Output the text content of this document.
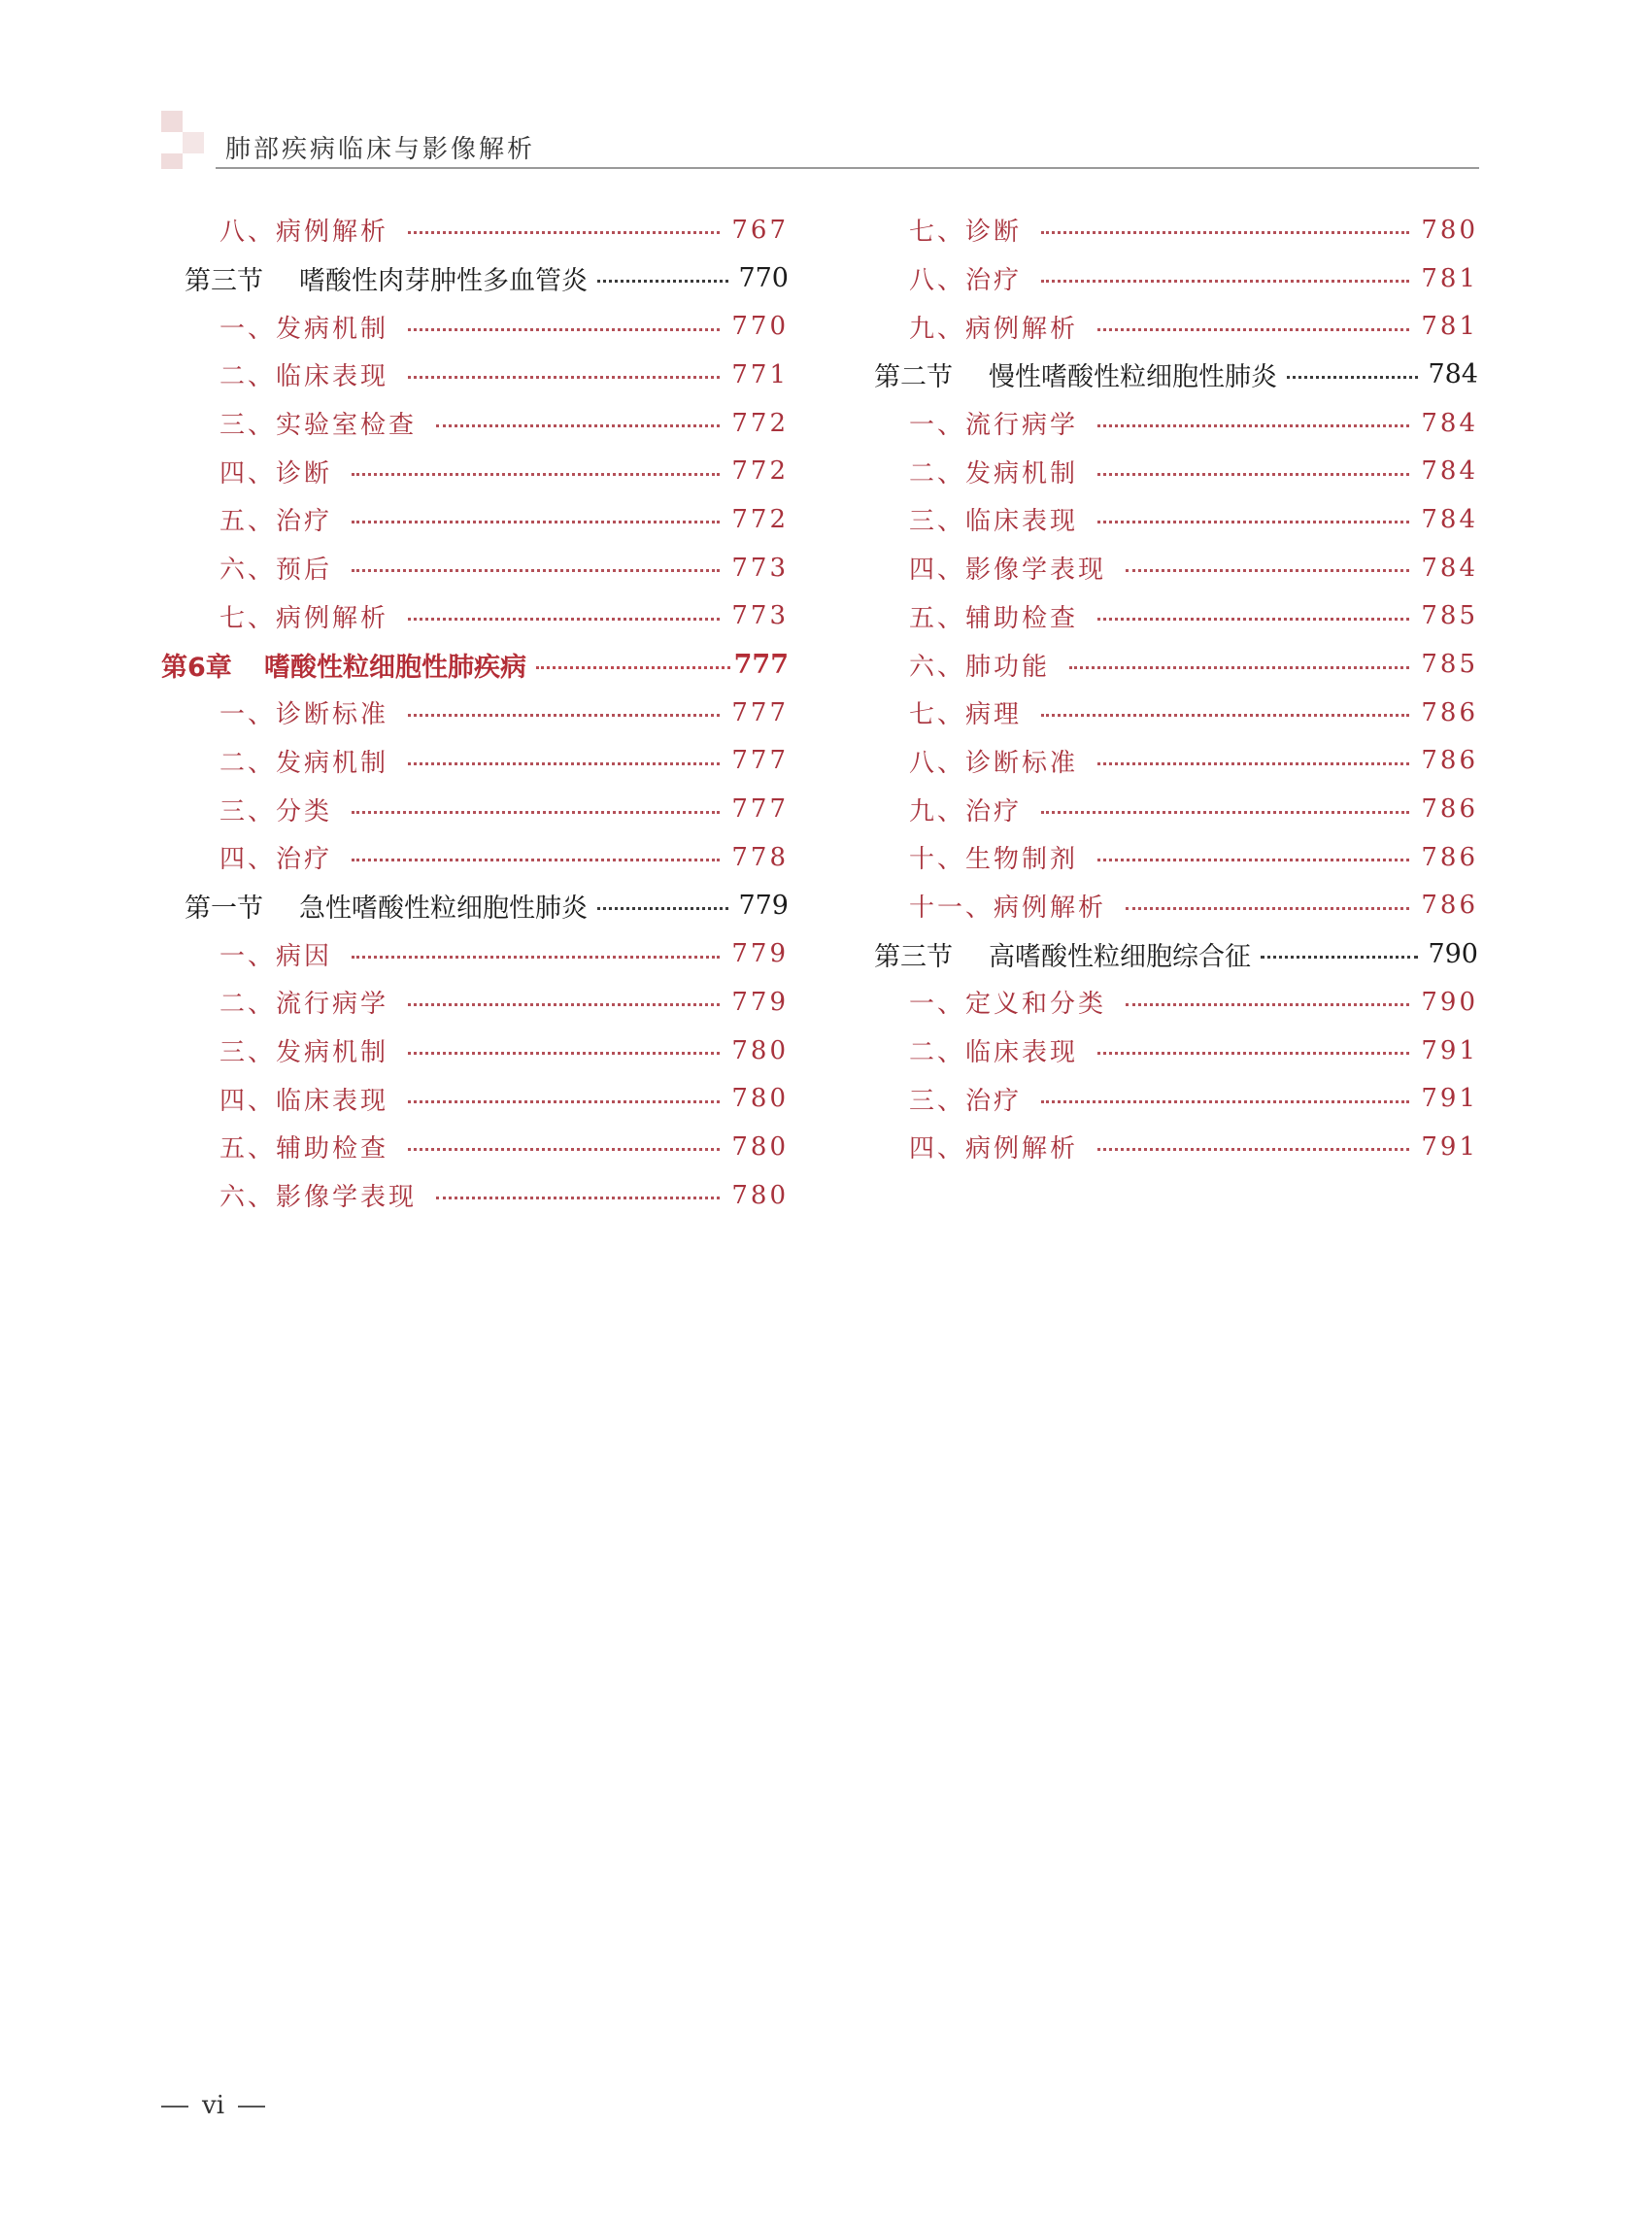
肺部疾病临床与影像解析
八、病例解析	767
第三节 嗜酸性肉芽肿性多血管炎	770
一、发病机制	770
二、临床表现	771
三、实验室检查	772
四、诊断	772
五、治疗	772
六、预后	773
七、病例解析	773
第6章 嗜酸性粒细胞性肺疾病	777
一、诊断标准	777
二、发病机制	777
三、分类	777
四、治疗	778
第一节 急性嗜酸性粒细胞性肺炎	779
一、病因	779
二、流行病学	779
三、发病机制	780
四、临床表现	780
五、辅助检查	780
六、影像学表现	780
七、诊断	780
八、治疗	781
九、病例解析	781
第二节 慢性嗜酸性粒细胞性肺炎	784
一、流行病学	784
二、发病机制	784
三、临床表现	784
四、影像学表现	784
五、辅助检查	785
六、肺功能	785
七、病理	786
八、诊断标准	786
九、治疗	786
十、生物制剂	786
十一、病例解析	786
第三节 高嗜酸性粒细胞综合征	790
一、定义和分类	790
二、临床表现	791
三、治疗	791
四、病例解析	791
vi
